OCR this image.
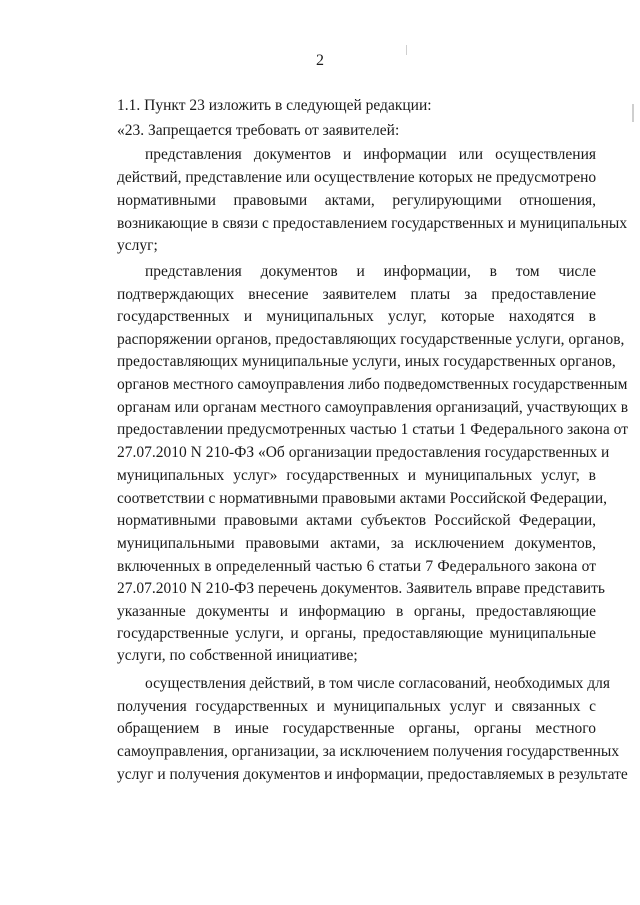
2
1.1. Пункт 23 изложить в следующей редакции:
«23. Запрещается требовать от заявителей:
представления документов и информации или осуществления
действий, представление или осуществление которых не предусмотрено
нормативными правовыми актами, регулирующими отношения,
возникающие в связи с предоставлением государственных и муниципальных
услуг;
представления документов и информации, в том числе
подтверждающих внесение заявителем платы за предоставление
государственных и муниципальных услуг, которые находятся в
распоряжении органов, предоставляющих государственные услуги, органов,
предоставляющих муниципальные услуги, иных государственных органов,
органов местного самоуправления либо подведомственных государственным
органам или органам местного самоуправления организаций, участвующих в
предоставлении предусмотренных частью 1 статьи 1 Федерального закона от
27.07.2010 N 210-ФЗ «Об организации предоставления государственных и
муниципальных услуг» государственных и муниципальных услуг, в
соответствии с нормативными правовыми актами Российской Федерации,
нормативными правовыми актами субъектов Российской Федерации,
муниципальными правовыми актами, за исключением документов,
включенных в определенный частью 6 статьи 7 Федерального закона от
27.07.2010 N 210-ФЗ перечень документов. Заявитель вправе представить
указанные документы и информацию в органы, предоставляющие
государственные услуги, и органы, предоставляющие муниципальные
услуги, по собственной инициативе;
осуществления действий, в том числе согласований, необходимых для
получения государственных и муниципальных услуг и связанных с
обращением в иные государственные органы, органы местного
самоуправления, организации, за исключением получения государственных
услуг и получения документов и информации, предоставляемых в результате
